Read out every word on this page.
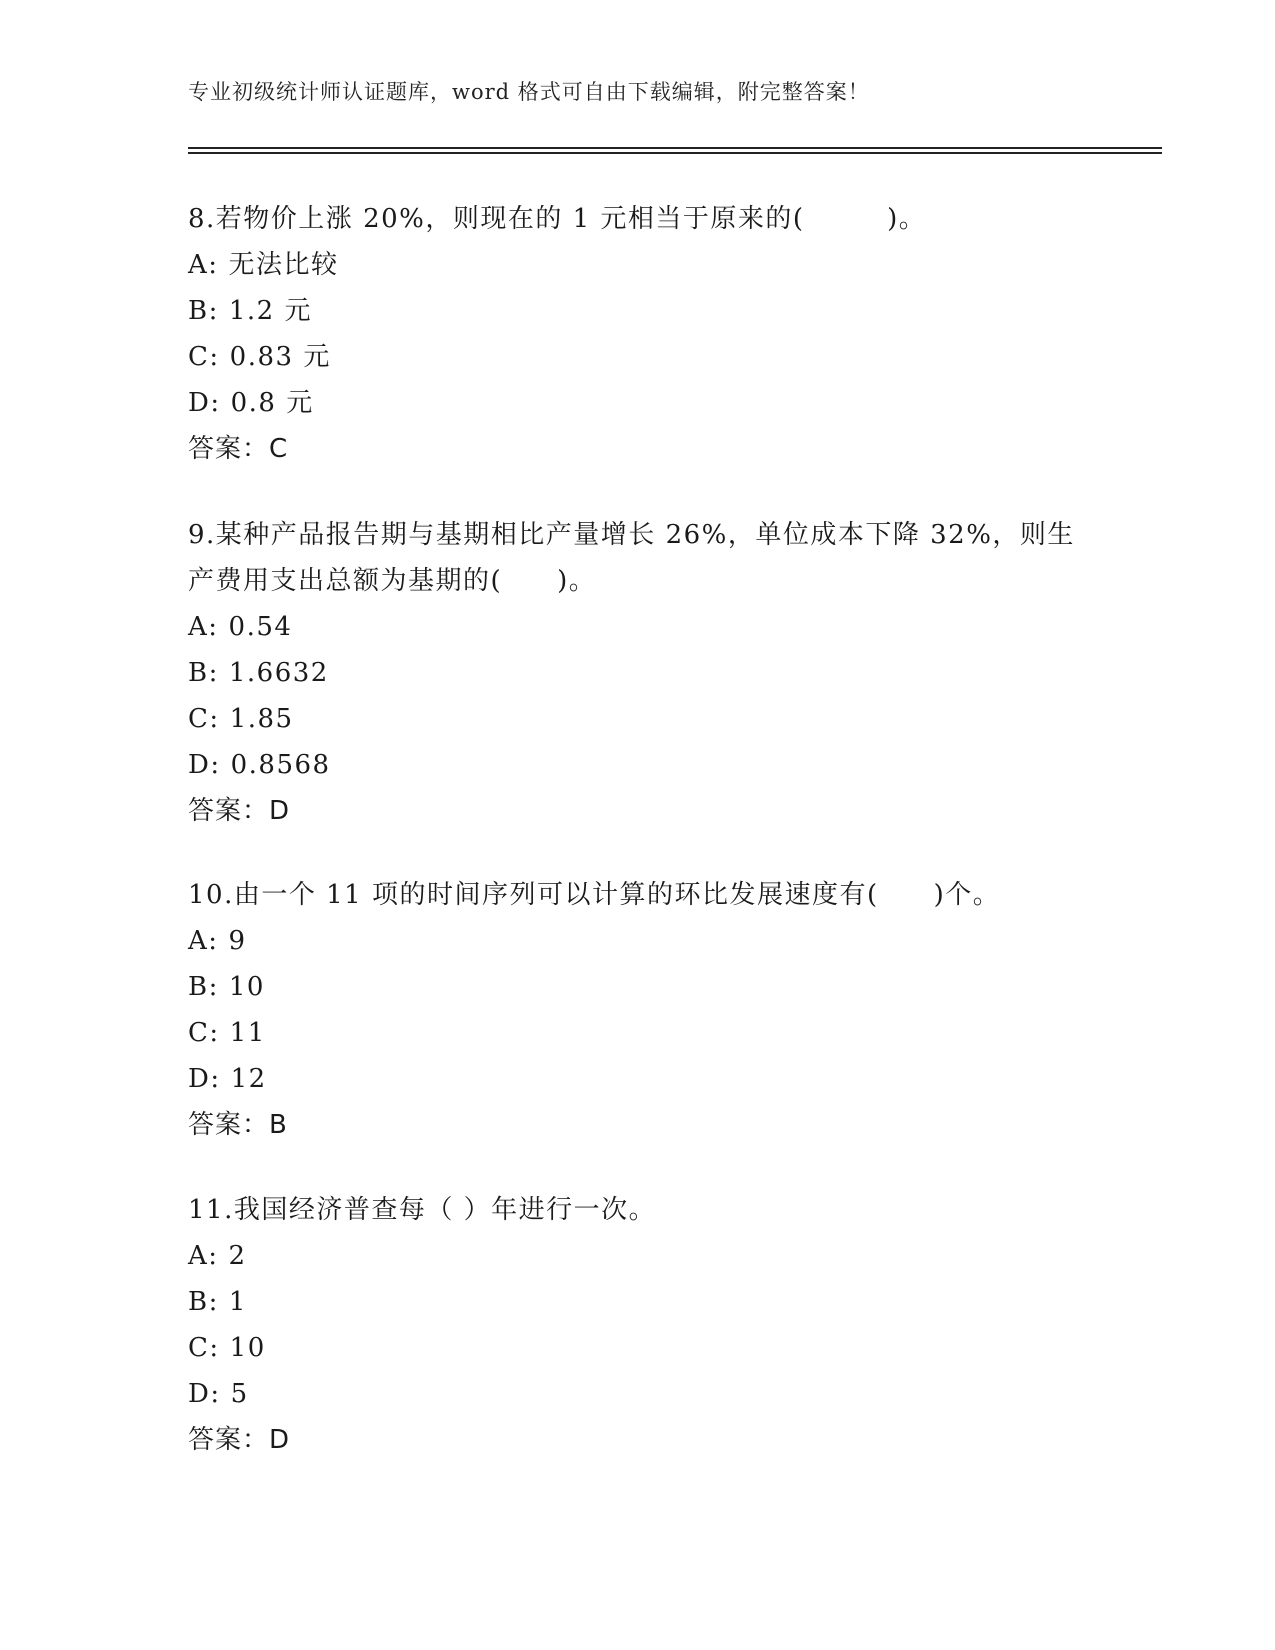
专业初级统计师认证题库，word 格式可自由下载编辑，附完整答案！

8.若物价上涨 20%，则现在的 1 元相当于原来的(　　　)。

A: 无法比较

B: 1.2 元

C: 0.83 元

D: 0.8 元

答案：C

9.某种产品报告期与基期相比产量增长 26%，单位成本下降 32%，则生产费用支出总额为基期的(　　)。

A: 0.54

B: 1.6632

C: 1.85

D: 0.8568

答案：D

10.由一个 11 项的时间序列可以计算的环比发展速度有(　　)个。

A: 9

B: 10

C: 11

D: 12

答案：B

11.我国经济普查每（ ）年进行一次。

A: 2

B: 1

C: 10

D: 5

答案：D
